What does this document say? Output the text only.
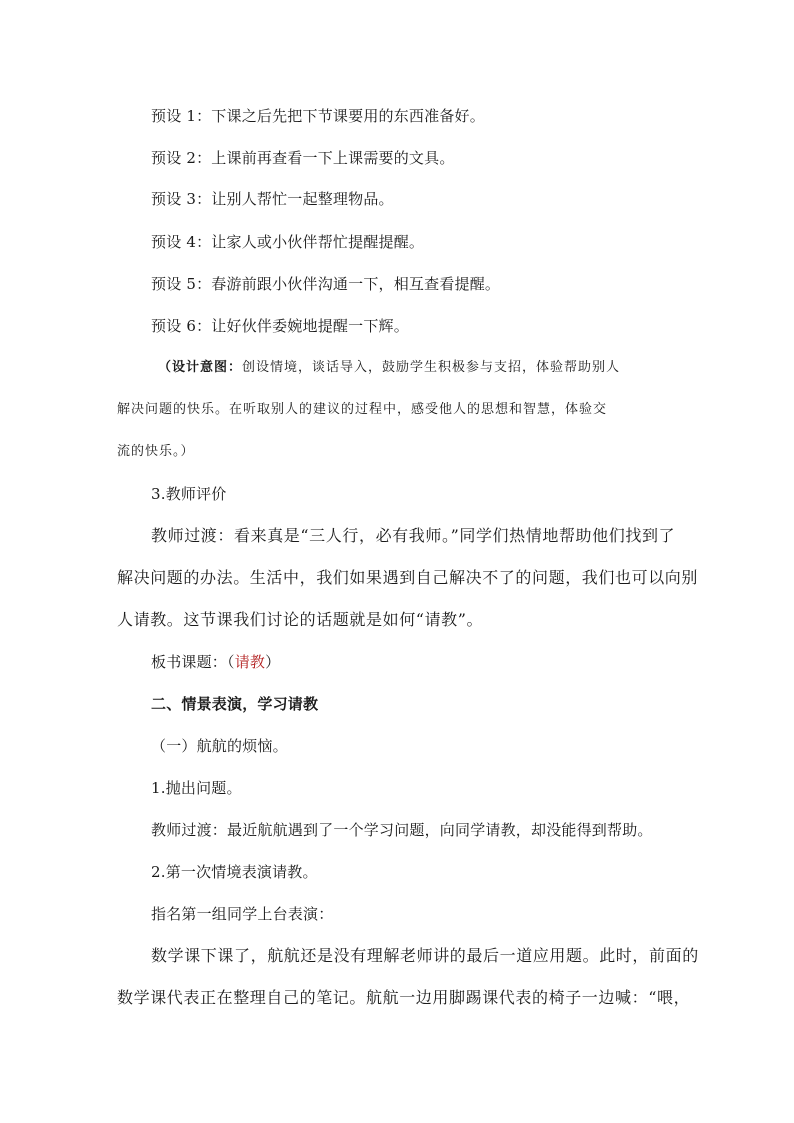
预设 1：下课之后先把下节课要用的东西准备好。
预设 2：上课前再查看一下上课需要的文具。
预设 3：让别人帮忙一起整理物品。
预设 4：让家人或小伙伴帮忙提醒提醒。
预设 5：春游前跟小伙伴沟通一下，相互查看提醒。
预设 6：让好伙伴委婉地提醒一下辉。
（设计意图：创设情境，谈话导入，鼓励学生积极参与支招，体验帮助别人
解决问题的快乐。在听取别人的建议的过程中，感受他人的思想和智慧，体验交
流的快乐。）
3.教师评价
教师过渡：看来真是“三人行，必有我师。”同学们热情地帮助他们找到了
解决问题的办法。生活中，我们如果遇到自己解决不了的问题，我们也可以向别
人请教。这节课我们讨论的话题就是如何“请教”。
板书课题：（请教）
二、情景表演，学习请教
（一）航航的烦恼。
1.抛出问题。
教师过渡：最近航航遇到了一个学习问题，向同学请教，却没能得到帮助。
2.第一次情境表演请教。
指名第一组同学上台表演：
数学课下课了，航航还是没有理解老师讲的最后一道应用题。此时，前面的
数学课代表正在整理自己的笔记。航航一边用脚踢课代表的椅子一边喊：“喂，
